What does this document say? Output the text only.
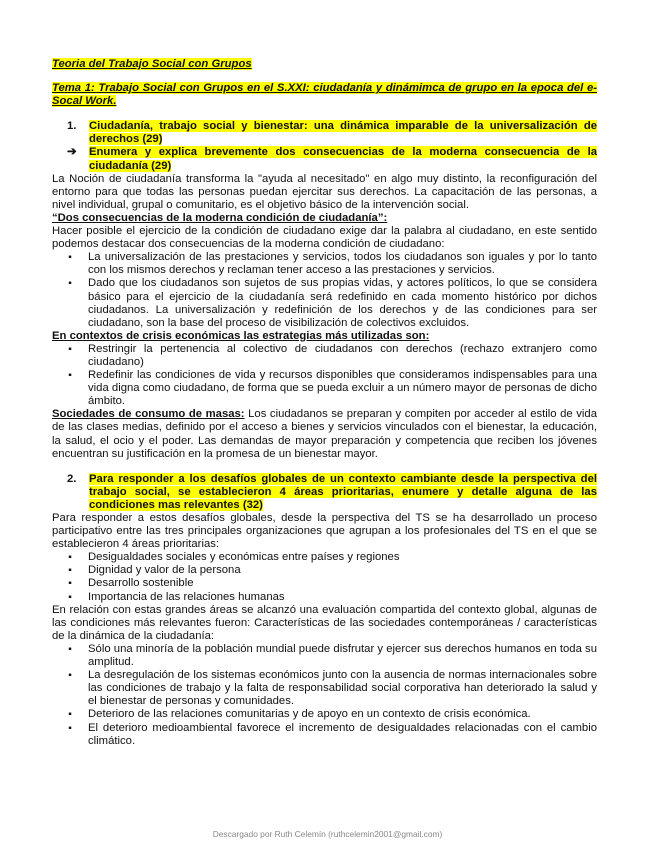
Teoria del Trabajo Social con Grupos
Tema 1: Trabajo Social con Grupos en el S.XXI: ciudadanía y dinámimca de grupo en la epoca del e-Socal Work.
1.	Ciudadanía, trabajo social y bienestar: una dinámica imparable de la universalización de derechos (29)
➔	Enumera y explica brevemente dos consecuencias de la moderna consecuencia de la ciudadanía (29)

La Noción de ciudadanía transforma la "ayuda al necesitado" en algo muy distinto, la reconfiguración del entorno para que todas las personas puedan ejercitar sus derechos. La capacitación de las personas, a nivel individual, grupal o comunitario, es el objetivo básico de la intervención social.

“Dos consecuencias de la moderna condición de ciudadanía”:

Hacer posible el ejercicio de la condición de ciudadano exige dar la palabra al ciudadano, en este sentido podemos destacar dos consecuencias de la moderna condición de ciudadano:

▪	La universalización de las prestaciones y servicios, todos los ciudadanos son iguales y por lo tanto con los mismos derechos y reclaman tener acceso a las prestaciones y servicios.
▪	Dado que los ciudadanos son sujetos de sus propias vidas, y actores políticos, lo que se considera básico para el ejercicio de la ciudadanía será redefinido en cada momento histórico por dichos ciudadanos. La universalización y redefinición de los derechos y de las condiciones para ser ciudadano, son la base del proceso de visibilización de colectivos excluidos.

En contextos de crisis económicas las estrategias más utilizadas son:

▪	Restringir la pertenencia al colectivo de ciudadanos con derechos (rechazo extranjero como ciudadano)
▪	Redefinir las condiciones de vida y recursos disponibles que consideramos indispensables para una vida digna como ciudadano, de forma que se pueda excluir a un número mayor de personas de dicho ámbito.

Sociedades de consumo de masas: Los ciudadanos se preparan y compiten por acceder al estilo de vida de las clases medias, definido por el acceso a bienes y servicios vinculados con el bienestar, la educación, la salud, el ocio y el poder. Las demandas de mayor preparación y competencia que reciben los jóvenes encuentran su justificación en la promesa de un bienestar mayor.

2.	Para responder a los desafíos globales de un contexto cambiante desde la perspectiva del trabajo social, se establecieron 4 áreas prioritarias, enumere y detalle alguna de las condiciones mas relevantes (32)

Para responder a estos desafíos globales, desde la perspectiva del TS se ha desarrollado un proceso participativo entre las tres principales organizaciones que agrupan a los profesionales del TS en el que se establecieron 4 áreas prioritarias:

▪	Desigualdades sociales y económicas entre países y regiones
▪	Dignidad y valor de la persona
▪	Desarrollo sostenible
▪	Importancia de las relaciones humanas

En relación con estas grandes áreas se alcanzó una evaluación compartida del contexto global, algunas de las condiciones más relevantes fueron: Características de las sociedades contemporáneas / características de la dinámica de la ciudadanía:

▪	Sólo una minoría de la población mundial puede disfrutar y ejercer sus derechos humanos en toda su amplitud.
▪	La desregulación de los sistemas económicos junto con la ausencia de normas internacionales sobre las condiciones de trabajo y la falta de responsabilidad social corporativa han deteriorado la salud y el bienestar de personas y comunidades.
▪	Deterioro de las relaciones comunitarias y de apoyo en un contexto de crisis económica.
▪	El deterioro medioambiental favorece el incremento de desigualdades relacionadas con el cambio climático.
Descargado por Ruth Celemín (ruthcelemin2001@gmail.com)
